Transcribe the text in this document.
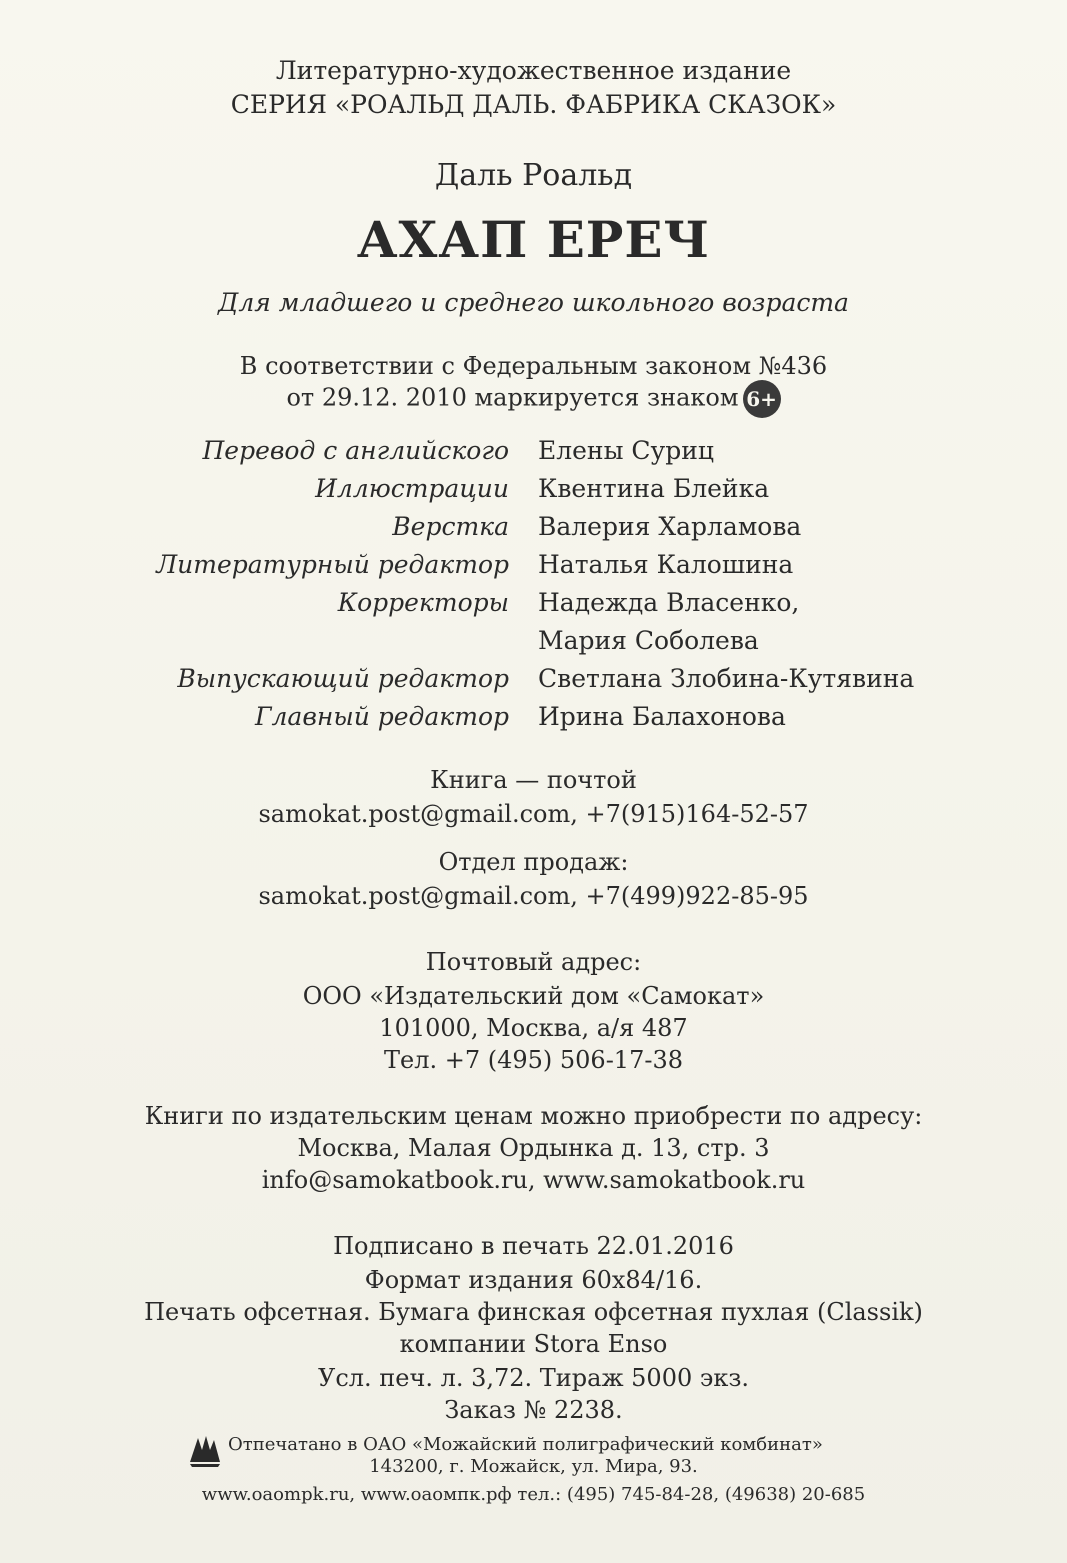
Литературно-художественное издание
СЕРИЯ «РОАЛЬД ДАЛЬ. ФАБРИКА СКАЗОК»
Даль Роальд
АХАП ЕРЕЧ
Для младшего и среднего школьного возраста
В соответствии с Федеральным законом №436
от 29.12. 2010 маркируется знаком 6+
Перевод с английского Елены Суриц
Иллюстрации Квентина Блейка
Верстка Валерия Харламова
Литературный редактор Наталья Калошина
Корректоры Надежда Власенко,
Мария Соболева
Выпускающий редактор Светлана Злобина-Кутявина
Главный редактор Ирина Балахонова
Книга — почтой
samokat.post@gmail.com, +7(915)164-52-57
Отдел продаж:
samokat.post@gmail.com, +7(499)922-85-95
Почтовый адрес:
ООО «Издательский дом «Самокат»
101000, Москва, а/я 487
Тел. +7 (495) 506-17-38
Книги по издательским ценам можно приобрести по адресу:
Москва, Малая Ордынка д. 13, стр. 3
info@samokatbook.ru, www.samokatbook.ru
Подписано в печать 22.01.2016
Формат издания 60x84/16.
Печать офсетная. Бумага финская офсетная пухлая (Classik)
компании Stora Enso
Усл. печ. л. 3,72. Тираж 5000 экз.
Заказ № 2238.
Отпечатано в ОАО «Можайский полиграфический комбинат»
143200, г. Можайск, ул. Мира, 93.
www.oaompk.ru, www.оаомпк.рф тел.: (495) 745-84-28, (49638) 20-685
